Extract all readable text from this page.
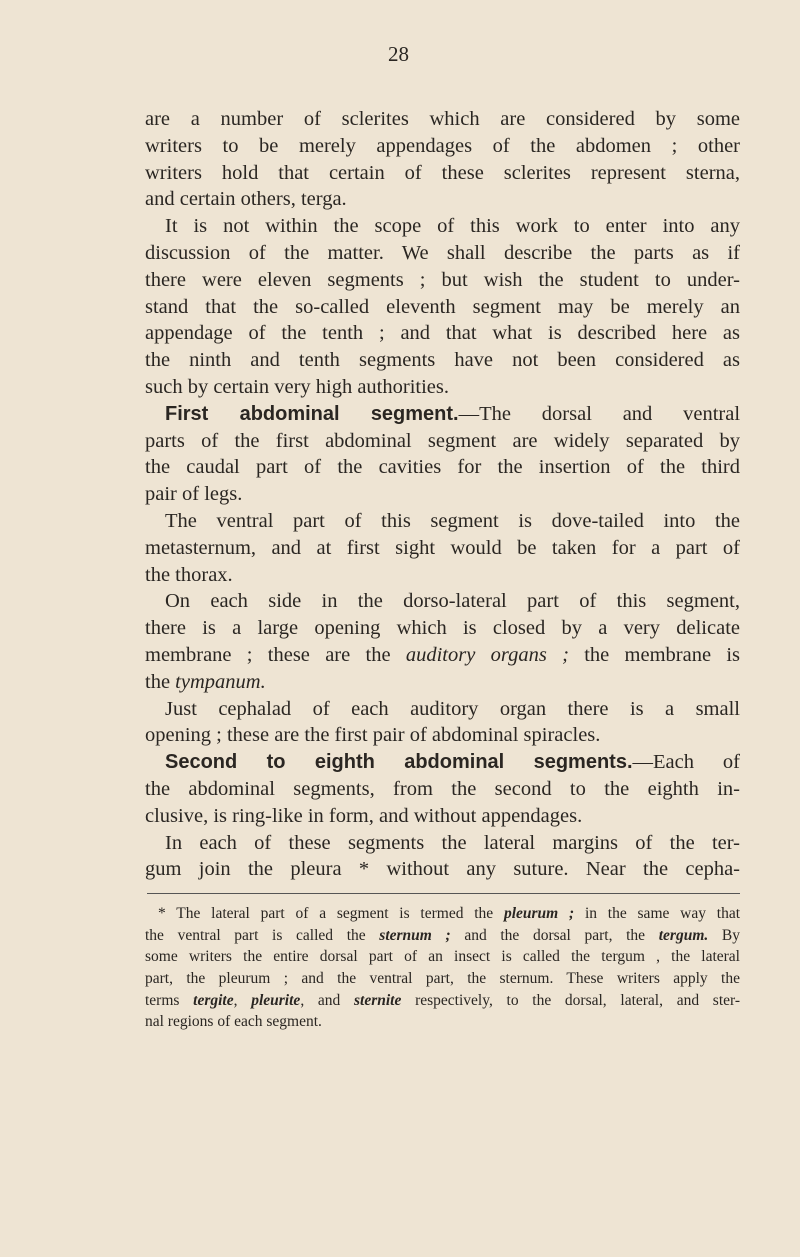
28
are a number of sclerites which are considered by some
writers to be merely appendages of the abdomen ; other
writers hold that certain of these sclerites represent sterna,
and certain others, terga.
It is not within the scope of this work to enter into any
discussion of the matter. We shall describe the parts as if
there were eleven segments ; but wish the student to under-
stand that the so-called eleventh segment may be merely an
appendage of the tenth ; and that what is described here as
the ninth and tenth segments have not been considered as
such by certain very high authorities.
First abdominal segment.—The dorsal and ventral
parts of the first abdominal segment are widely separated by
the caudal part of the cavities for the insertion of the third
pair of legs.
The ventral part of this segment is dove-tailed into the
metasternum, and at first sight would be taken for a part of
the thorax.
On each side in the dorso-lateral part of this segment,
there is a large opening which is closed by a very delicate
membrane ; these are the auditory organs ; the membrane is
the tympanum.
Just cephalad of each auditory organ there is a small
opening ; these are the first pair of abdominal spiracles.
Second to eighth abdominal segments.—Each of
the abdominal segments, from the second to the eighth in-
clusive, is ring-like in form, and without appendages.
In each of these segments the lateral margins of the ter-
gum join the pleura * without any suture. Near the cepha-
* The lateral part of a segment is termed the pleurum ; in the same way that
the ventral part is called the sternum ; and the dorsal part, the tergum. By
some writers the entire dorsal part of an insect is called the tergum , the lateral
part, the pleurum ; and the ventral part, the sternum. These writers apply the
terms tergite, pleurite, and sternite respectively, to the dorsal, lateral, and ster-
nal regions of each segment.
